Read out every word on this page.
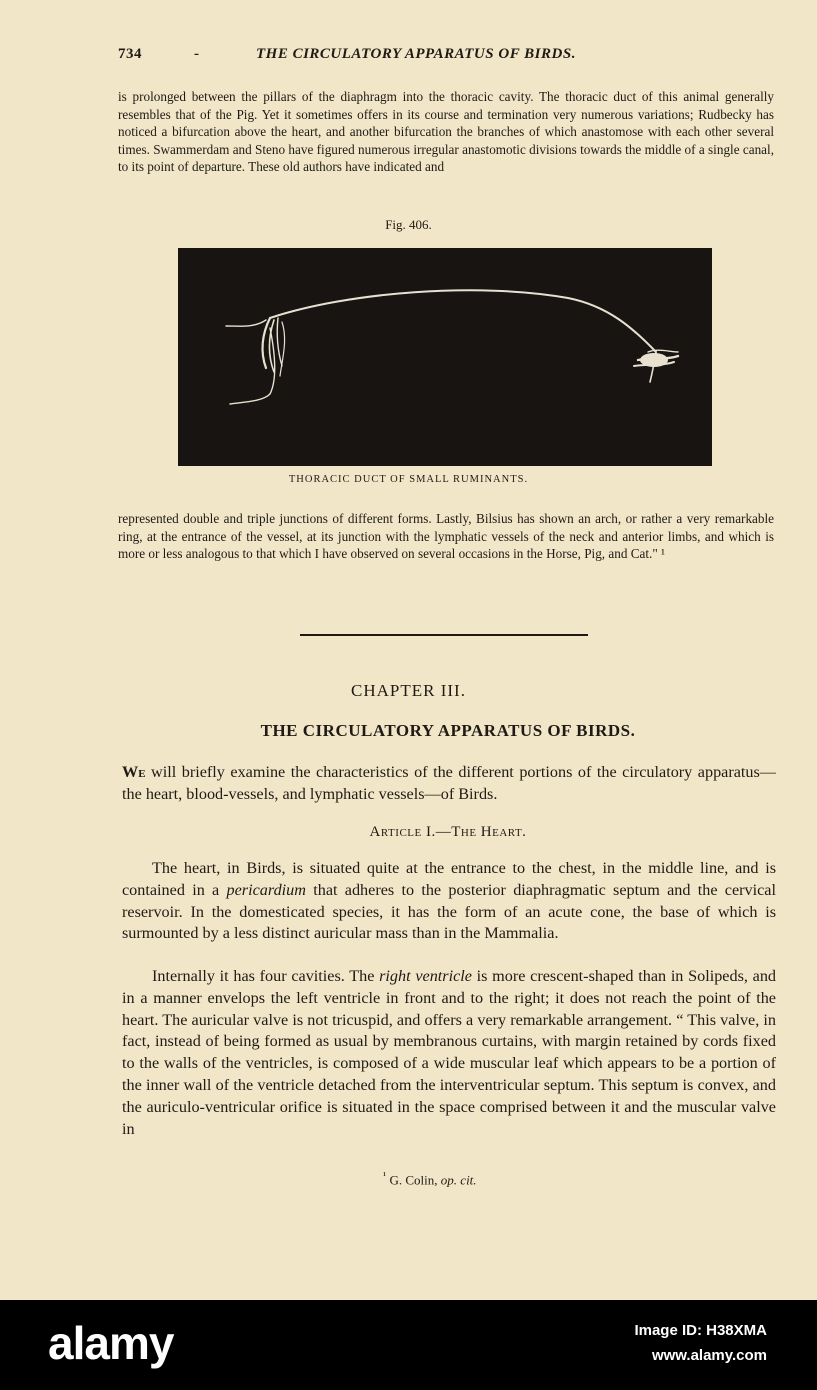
734	-	THE CIRCULATORY APPARATUS OF BIRDS.

is prolonged between the pillars of the diaphragm into the thoracic cavity. The thoracic duct of this animal generally resembles that of the Pig. Yet it sometimes offers in its course and termination very numerous variations; Rudbecky has noticed a bifurcation above the heart, and another bifurcation the branches of which anastomose with each other several times. Swammerdam and Steno have figured numerous irregular anastomotic divisions towards the middle of a single canal, to its point of departure. These old authors have indicated and

Fig. 406.
THORACIC DUCT OF SMALL RUMINANTS.

represented double and triple junctions of different forms. Lastly, Bilsius has shown an arch, or rather a very remarkable ring, at the entrance of the vessel, at its junction with the lymphatic vessels of the neck and anterior limbs, and which is more or less analogous to that which I have observed on several occasions in the Horse, Pig, and Cat." ¹

CHAPTER III.
THE CIRCULATORY APPARATUS OF BIRDS.

We will briefly examine the characteristics of the different portions of the circulatory apparatus—the heart, blood-vessels, and lymphatic vessels—of Birds.

Article I.—The Heart.

The heart, in Birds, is situated quite at the entrance to the chest, in the middle line, and is contained in a pericardium that adheres to the posterior diaphragmatic septum and the cervical reservoir. In the domesticated species, it has the form of an acute cone, the base of which is surmounted by a less distinct auricular mass than in the Mammalia.

Internally it has four cavities. The right ventricle is more crescent-shaped than in Solipeds, and in a manner envelops the left ventricle in front and to the right; it does not reach the point of the heart. The auricular valve is not tricuspid, and offers a very remarkable arrangement. “ This valve, in fact, instead of being formed as usual by membranous curtains, with margin retained by cords fixed to the walls of the ventricles, is composed of a wide muscular leaf which appears to be a portion of the inner wall of the ventricle detached from the interventricular septum. This septum is convex, and the auriculo-ventricular orifice is situated in the space comprised between it and the muscular valve in

$^{^1}$ G. Colin, op. cit.
alamy	Image ID: H38XMA
www.alamy.com
